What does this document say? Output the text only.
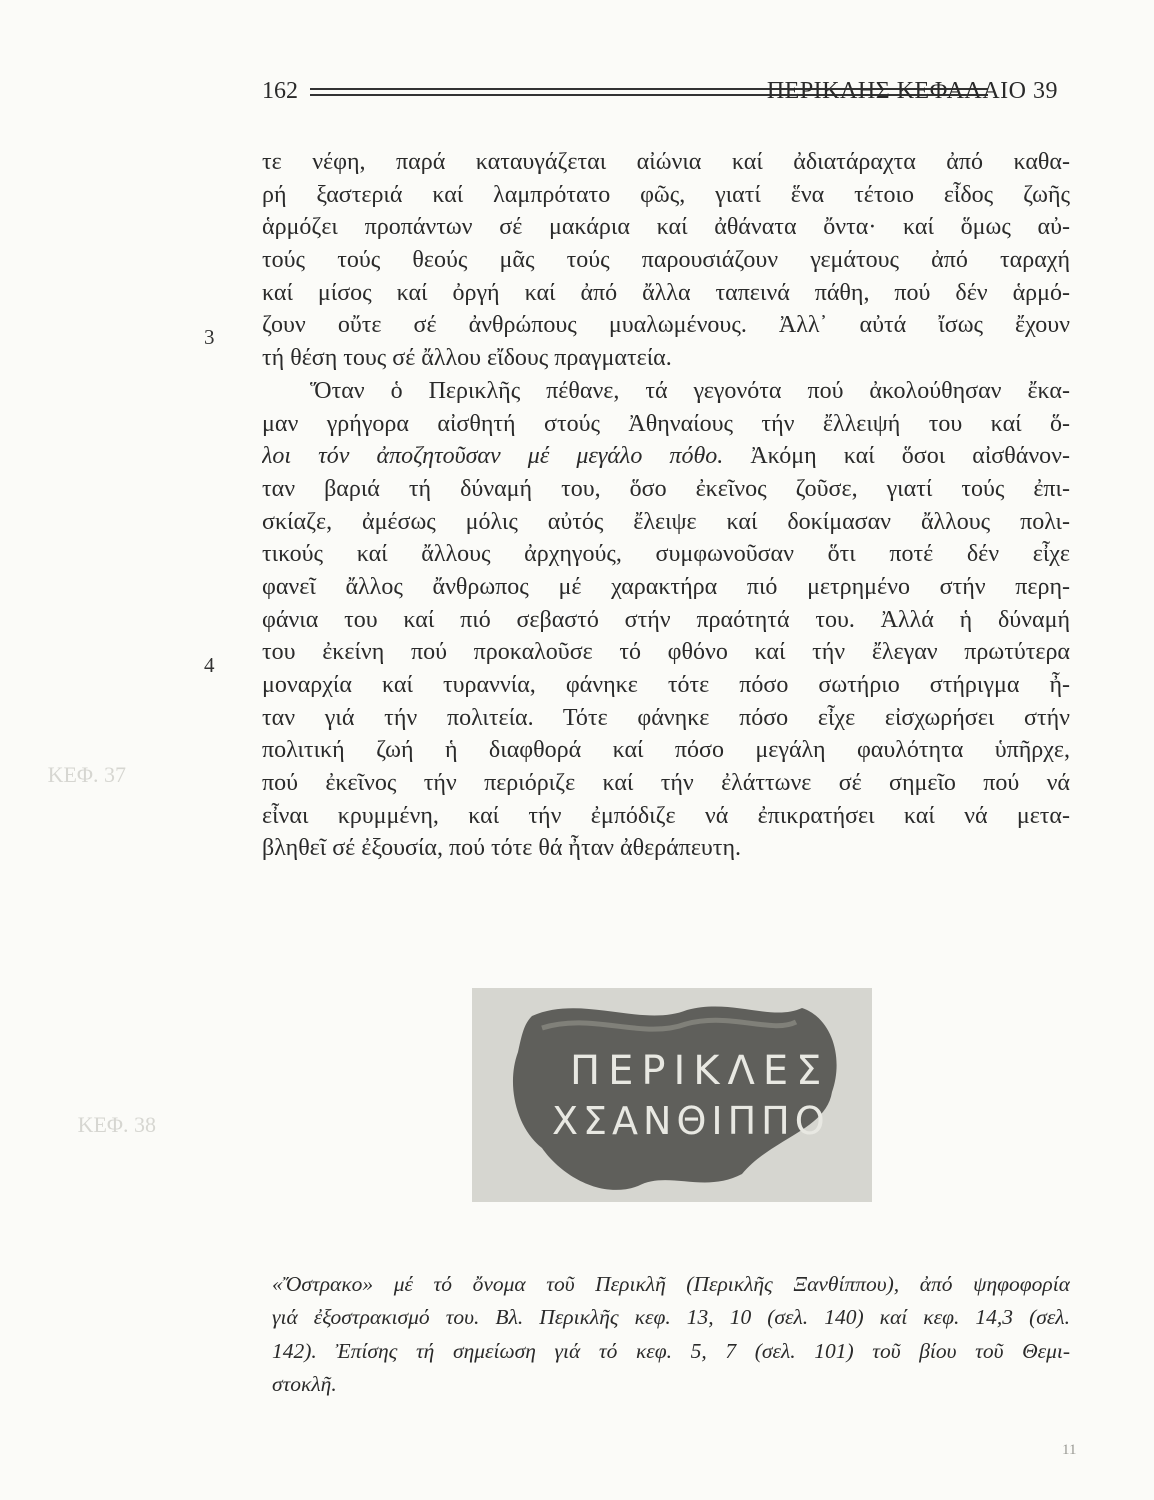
162	ΠΕΡΙΚΛΗΣ ΚΕΦΑΛΑΙΟ 39
ΚΕΦ. 37
ΚΕΦ. 38
3
4
τε νέφη, παρά καταυγάζεται αἰώνια καί ἀδιατάραχτα ἀπό καθα-
ρή ξαστεριά καί λαμπρότατο φῶς, γιατί ἕνα τέτοιο εἶδος ζωῆς
ἁρμόζει προπάντων σέ μακάρια καί ἀθάνατα ὄντα· καί ὅμως αὐ-
τούς τούς θεούς μᾶς τούς παρουσιάζουν γεμάτους ἀπό ταραχή
καί μίσος καί ὀργή καί ἀπό ἄλλα ταπεινά πάθη, πού δέν ἁρμό-
ζουν οὔτε σέ ἀνθρώπους μυαλωμένους. Ἀλλ᾽ αὐτά ἴσως ἔχουν
τή θέση τους σέ ἄλλου εἴδους πραγματεία.
Ὅταν ὁ Περικλῆς πέθανε, τά γεγονότα πού ἀκολούθησαν ἔκα-
μαν γρήγορα αἰσθητή στούς Ἀθηναίους τήν ἔλλειψή του καί ὅ-
λοι τόν ἀποζητοῦσαν μέ μεγάλο πόθο. Ἀκόμη καί ὅσοι αἰσθάνον-
ταν βαριά τή δύναμή του, ὅσο ἐκεῖνος ζοῦσε, γιατί τούς ἐπι-
σκίαζε, ἀμέσως μόλις αὐτός ἔλειψε καί δοκίμασαν ἄλλους πολι-
τικούς καί ἄλλους ἀρχηγούς, συμφωνοῦσαν ὅτι ποτέ δέν εἶχε
φανεῖ ἄλλος ἄνθρωπος μέ χαρακτήρα πιό μετρημένο στήν περη-
φάνια του καί πιό σεβαστό στήν πραότητά του. Ἀλλά ἡ δύναμή
του ἐκείνη πού προκαλοῦσε τό φθόνο καί τήν ἔλεγαν πρωτύτερα
μοναρχία καί τυραννία, φάνηκε τότε πόσο σωτήριο στήριγμα ἦ-
ταν γιά τήν πολιτεία. Τότε φάνηκε πόσο εἶχε εἰσχωρήσει στήν
πολιτική ζωή ἡ διαφθορά καί πόσο μεγάλη φαυλότητα ὑπῆρχε,
πού ἐκεῖνος τήν περιόριζε καί τήν ἐλάττωνε σέ σημεῖο πού νά
εἶναι κρυμμένη, καί τήν ἐμπόδιζε νά ἐπικρατήσει καί νά μετα-
βληθεῖ σέ ἐξουσία, πού τότε θά ἦταν ἀθεράπευτη.
ΠΕΡΙΚΛΕΣ
ΧΣΑΝΘΙΠΠΟ
«Ὄστρακο» μέ τό ὄνομα τοῦ Περικλῆ (Περικλῆς Ξανθίππου), ἀπό ψηφοφορία
γιά ἐξοστρακισμό του. Βλ. Περικλῆς κεφ. 13, 10 (σελ. 140) καί κεφ. 14,3 (σελ.
142). Ἐπίσης τή σημείωση γιά τό κεφ. 5, 7 (σελ. 101) τοῦ βίου τοῦ Θεμι-
στοκλῆ.
11
